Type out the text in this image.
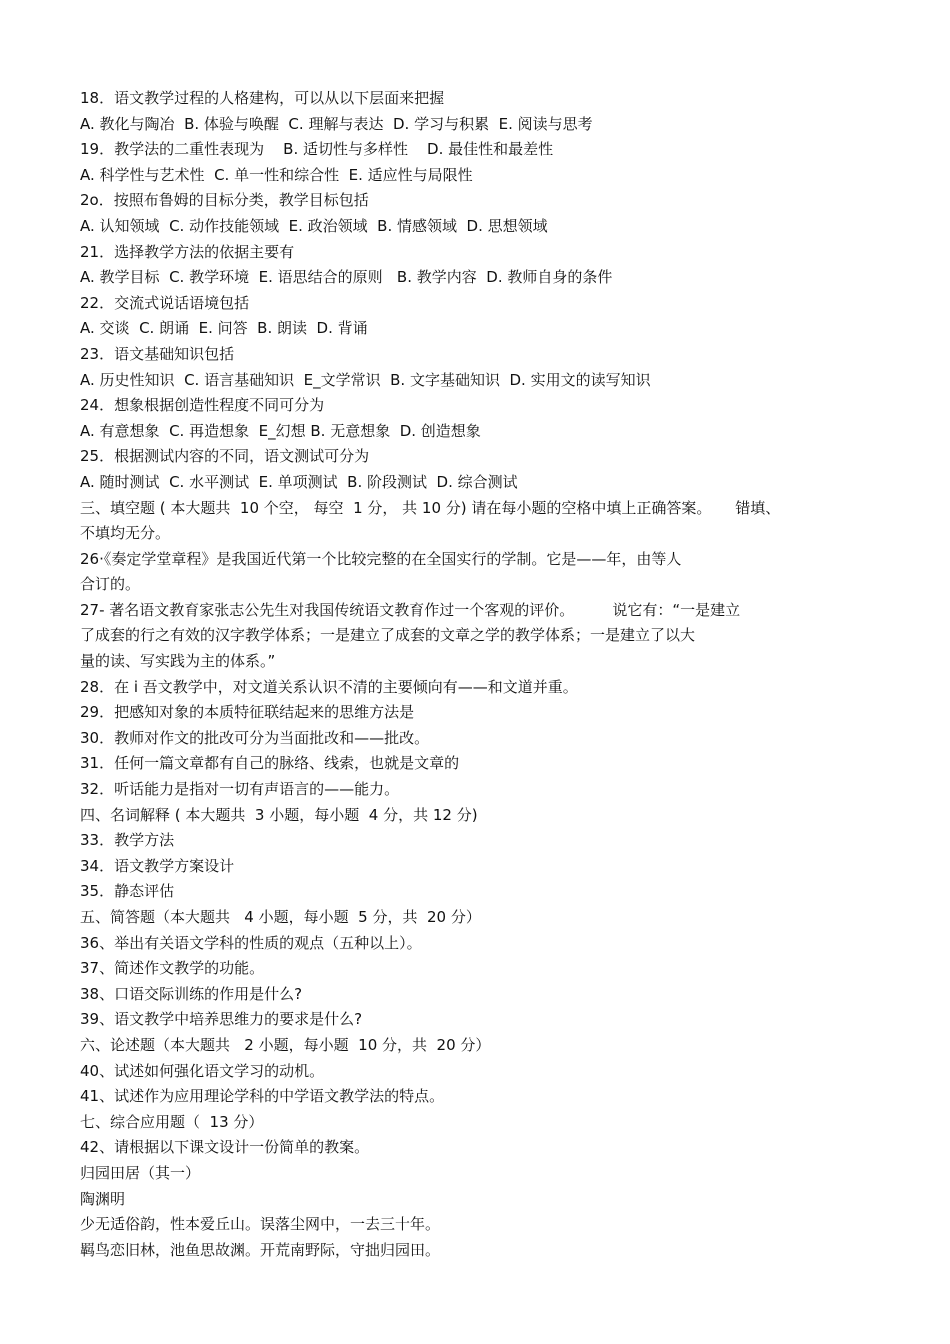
18．语文教学过程的人格建构，可以从以下层面来把握
A. 教化与陶冶  B. 体验与唤醒  C. 理解与表达  D. 学习与积累  E. 阅读与思考
19．教学法的二重性表现为    B. 适切性与多样性    D. 最佳性和最差性
A. 科学性与艺术性  C. 单一性和综合性  E. 适应性与局限性
2o．按照布鲁姆的目标分类，教学目标包括
A. 认知领域  C. 动作技能领域  E. 政治领域  B. 情感领域  D. 思想领域
21．选择教学方法的依据主要有
A. 教学目标  C. 教学环境  E. 语思结合的原则   B. 教学内容  D. 教师自身的条件
22．交流式说话语境包括
A. 交谈  C. 朗诵  E. 问答  B. 朗读  D. 背诵
23．语文基础知识包括
A. 历史性知识  C. 语言基础知识  E_文学常识  B. 文字基础知识  D. 实用文的读写知识
24．想象根据创造性程度不同可分为
A. 有意想象  C. 再造想象  E_幻想 B. 无意想象  D. 创造想象
25．根据测试内容的不同，语文测试可分为
A. 随时测试  C. 水平测试  E. 单项测试  B. 阶段测试  D. 综合测试
三、填空题 ( 本大题共  10 个空， 每空  1 分， 共 10 分) 请在每小题的空格中填上正确答案。     错填、
不填均无分。
26·《奏定学堂章程》是我国近代第一个比较完整的在全国实行的学制。它是——年，由等人
合订的。
27- 著名语文教育家张志公先生对我国传统语文教育作过一个客观的评价。        说它有：“一是建立
了成套的行之有效的汉字教学体系；一是建立了成套的文章之学的教学体系；一是建立了以大
量的读、写实践为主的体系。”
28．在 i 吾文教学中，对文道关系认识不清的主要倾向有——和文道并重。
29．把感知对象的本质特征联结起来的思维方法是
30．教师对作文的批改可分为当面批改和——批改。
31．任何一篇文章都有自己的脉络、线索，也就是文章的
32．听话能力是指对一切有声语言的——能力。
四、名词解释 ( 本大题共  3 小题，每小题  4 分，共 12 分)
33．教学方法
34．语文教学方案设计
35．静态评估
五、简答题（本大题共   4 小题，每小题  5 分，共  20 分）
36、举出有关语文学科的性质的观点（五种以上）。
37、简述作文教学的功能。
38、口语交际训练的作用是什么?
39、语文教学中培养思维力的要求是什么?
六、论述题（本大题共   2 小题，每小题  10 分，共  20 分）
40、试述如何强化语文学习的动机。
41、试述作为应用理论学科的中学语文教学法的特点。
七、综合应用题（  13 分）
42、请根据以下课文设计一份简单的教案。
归园田居（其一）
陶渊明
少无适俗韵，性本爱丘山。误落尘网中，一去三十年。
羁鸟恋旧林，池鱼思故渊。开荒南野际，守拙归园田。
